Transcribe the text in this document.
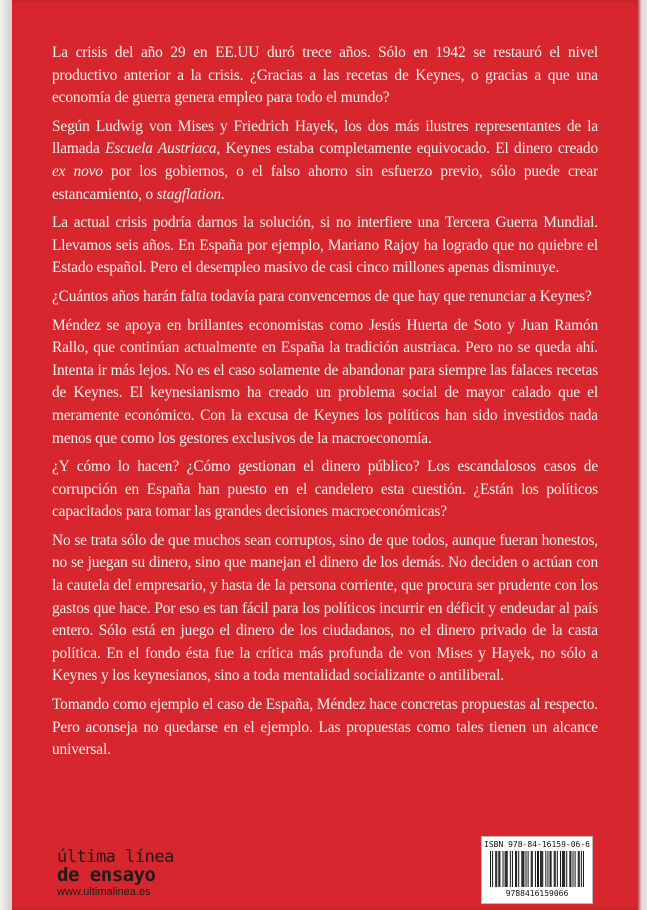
La crisis del año 29 en EE.UU duró trece años. Sólo en 1942 se restauró el nivel productivo anterior a la crisis. ¿Gracias a las recetas de Keynes, o gracias a que una economía de guerra genera empleo para todo el mundo?

Según Ludwig von Mises y Friedrich Hayek, los dos más ilustres representantes de la llamada Escuela Austriaca, Keynes estaba completamente equivocado. El dinero creado ex novo por los gobiernos, o el falso ahorro sin esfuerzo previo, sólo puede crear estancamiento, o stagflation.

La actual crisis podría darnos la solución, si no interfiere una Tercera Guerra Mundial. Llevamos seis años. En España por ejemplo, Mariano Rajoy ha logrado que no quiebre el Estado español. Pero el desempleo masivo de casi cinco millones apenas disminuye.

¿Cuántos años harán falta todavía para convencernos de que hay que renunciar a Keynes?

Méndez se apoya en brillantes economistas como Jesús Huerta de Soto y Juan Ramón Rallo, que continúan actualmente en España la tradición austriaca. Pero no se queda ahí. Intenta ir más lejos. No es el caso solamente de abandonar para siempre las falaces recetas de Keynes. El keynesianismo ha creado un problema social de mayor calado que el meramente económico. Con la excusa de Keynes los políticos han sido investidos nada menos que como los gestores exclusivos de la macroeconomía.

¿Y cómo lo hacen? ¿Cómo gestionan el dinero público? Los escandalosos casos de corrupción en España han puesto en el candelero esta cuestión. ¿Están los políticos capacitados para tomar las grandes decisiones macroeconómicas?

No se trata sólo de que muchos sean corruptos, sino de que todos, aunque fueran honestos, no se juegan su dinero, sino que manejan el dinero de los demás. No deciden o actúan con la cautela del empresario, y hasta de la persona corriente, que procura ser prudente con los gastos que hace. Por eso es tan fácil para los políticos incurrir en déficit y endeudar al país entero. Sólo está en juego el dinero de los ciudadanos, no el dinero privado de la casta política. En el fondo ésta fue la crítica más profunda de von Mises y Hayek, no sólo a Keynes y los keynesianos, sino a toda mentalidad socializante o antiliberal.

Tomando como ejemplo el caso de España, Méndez hace concretas propuestas al respecto. Pero aconseja no quedarse en el ejemplo. Las propuestas como tales tienen un alcance universal.

última línea
de ensayo
www.ultimalinea.es
ISBN 978-84-16159-06-6
9788416159066
